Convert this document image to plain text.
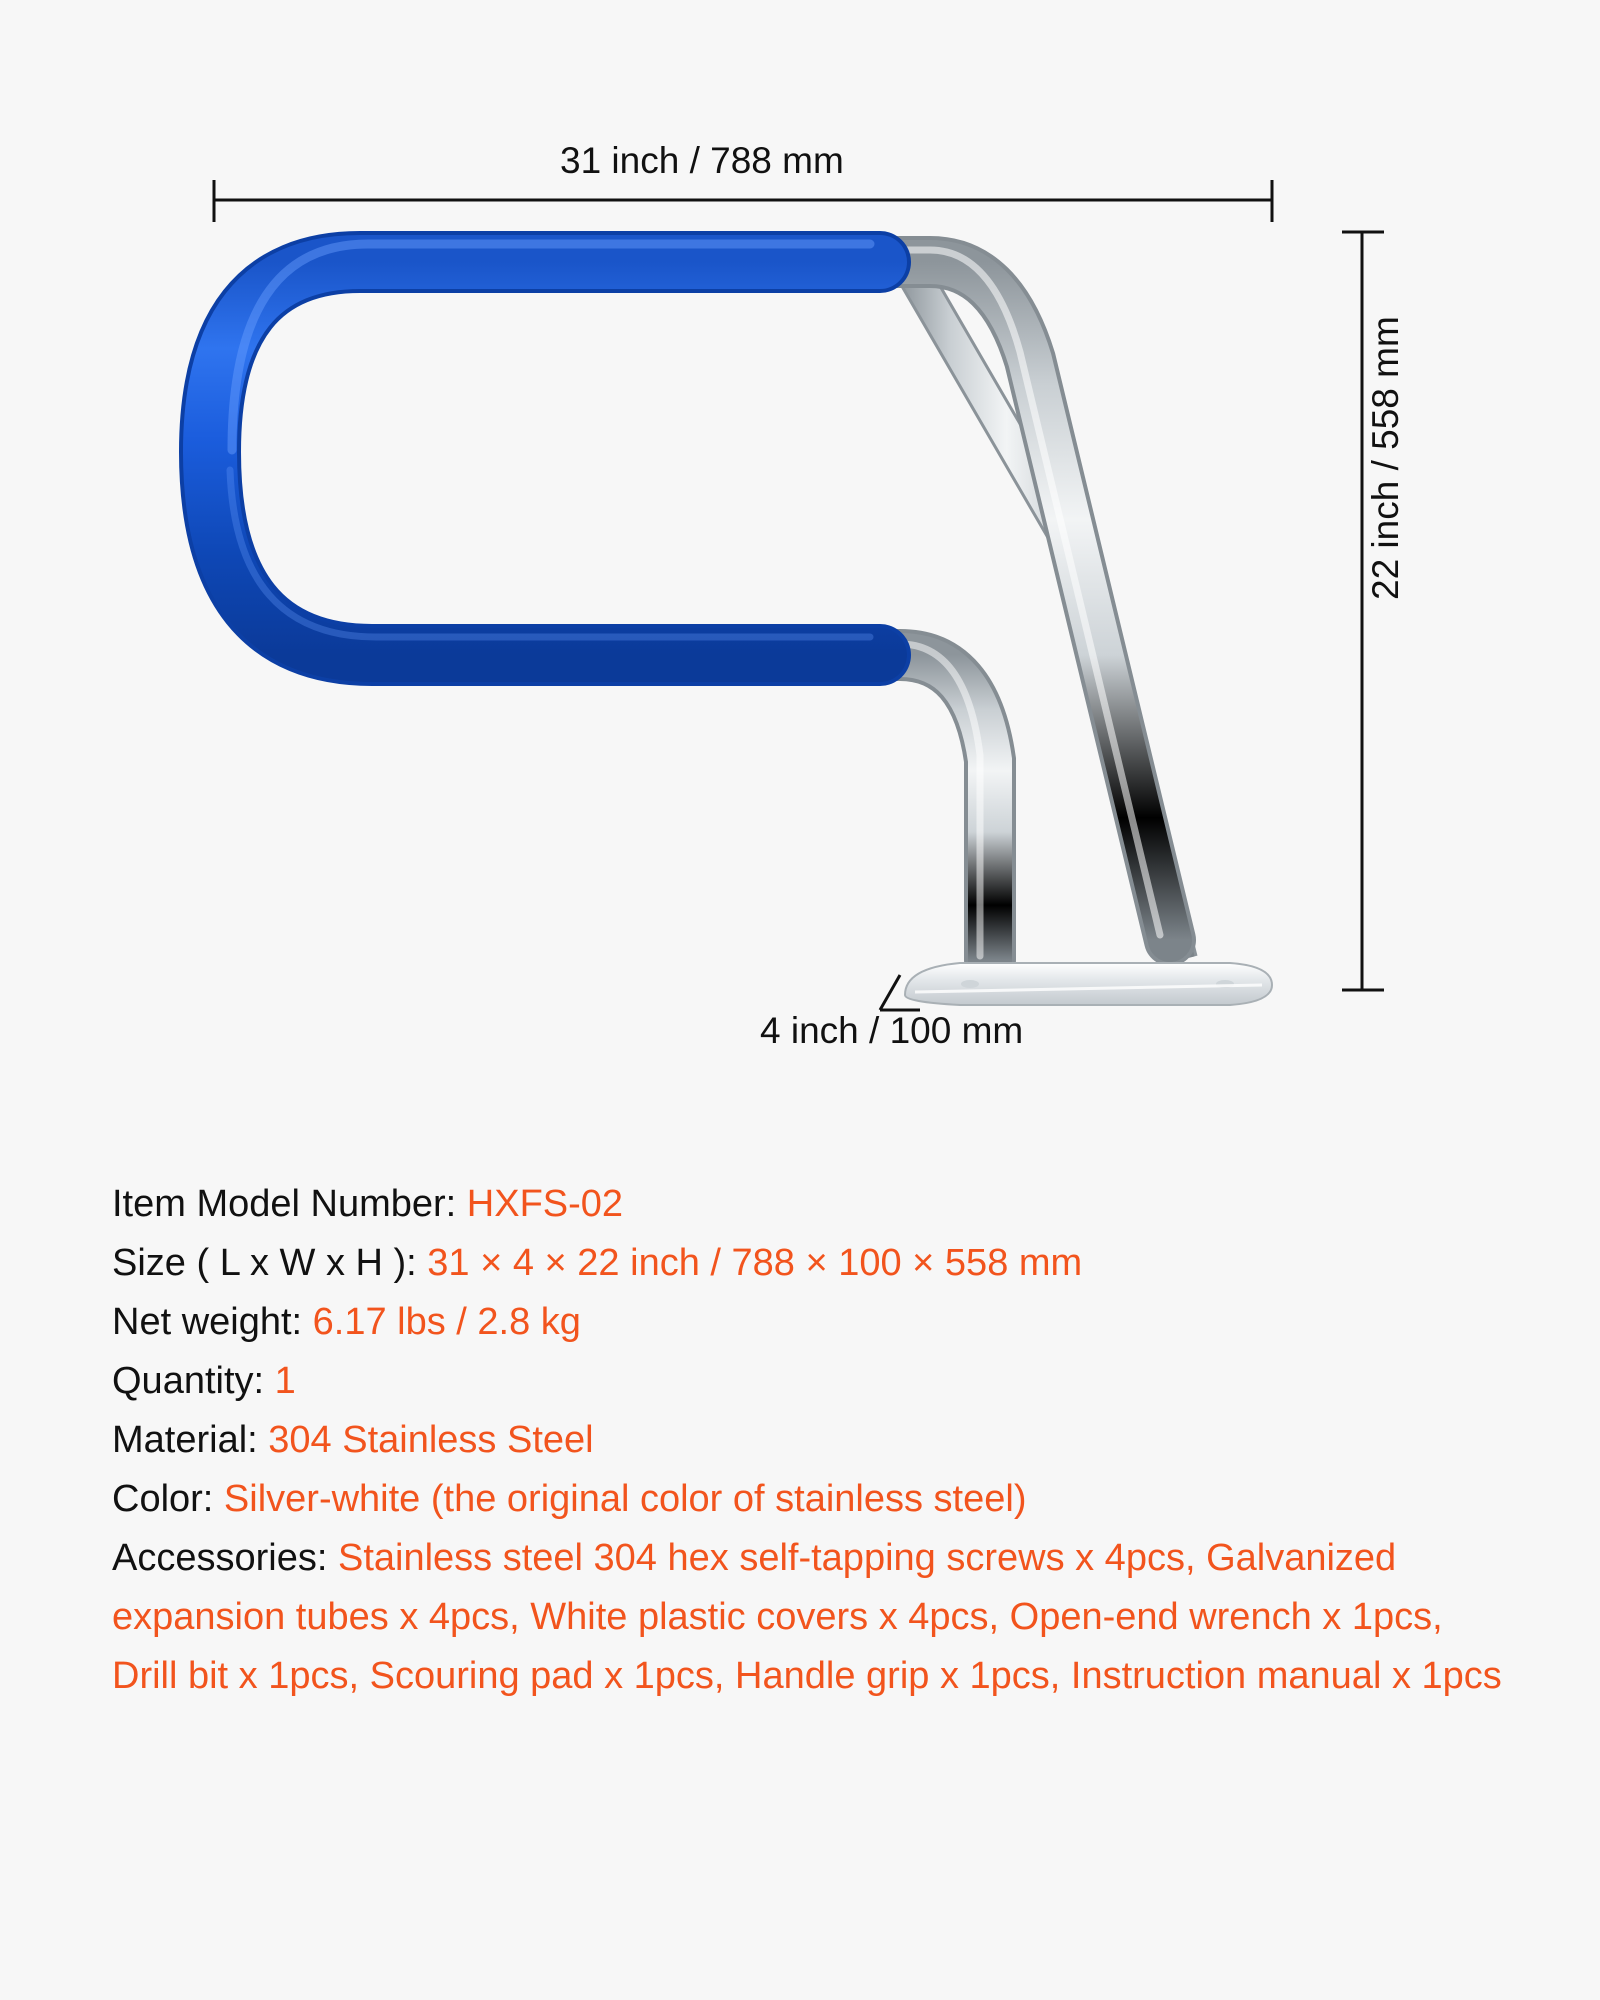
31 inch / 788 mm
22 inch / 558 mm
4 inch / 100 mm
Item Model Number: HXFS-02
Size ( L x W x H ): 31 × 4 × 22 inch / 788 × 100 × 558 mm
Net weight: 6.17 lbs / 2.8 kg
Quantity: 1
Material: 304 Stainless Steel
Color: Silver-white (the original color of stainless steel)
Accessories: Stainless steel 304 hex self-tapping screws x 4pcs, Galvanized expansion tubes x 4pcs, White plastic covers x 4pcs, Open-end wrench x 1pcs, Drill bit x 1pcs, Scouring pad x 1pcs, Handle grip x 1pcs, Instruction manual x 1pcs
